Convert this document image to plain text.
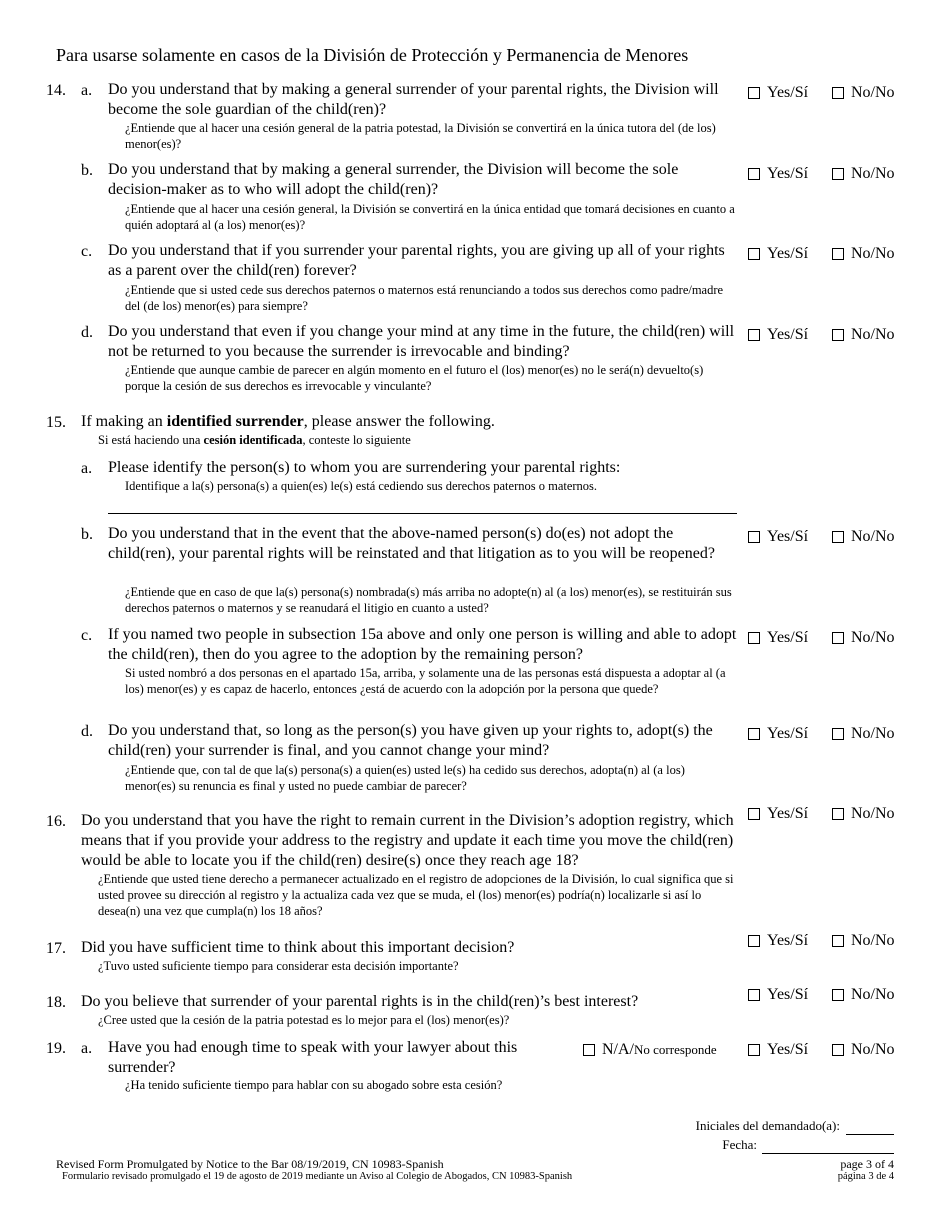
Para usarse solamente en casos de la División de Protección y Permanencia de Menores
14. a. Do you understand that by making a general surrender of your parental rights, the Division will become the sole guardian of the child(ren)?
¿Entiende que al hacer una cesión general de la patria potestad, la División se convertirá en la única tutora del (de los) menor(es)?
Yes/Sí	No/No
b. Do you understand that by making a general surrender, the Division will become the sole decision-maker as to who will adopt the child(ren)?
¿Entiende que al hacer una cesión general, la División se convertirá en la única entidad que tomará decisiones en cuanto a quién adoptará al (a los) menor(es)?
Yes/Sí	No/No
c. Do you understand that if you surrender your parental rights, you are giving up all of your rights as a parent over the child(ren) forever?
¿Entiende que si usted cede sus derechos paternos o maternos está renunciando a todos sus derechos como padre/madre del (de los) menor(es) para siempre?
Yes/Sí	No/No
d. Do you understand that even if you change your mind at any time in the future, the child(ren) will not be returned to you because the surrender is irrevocable and binding?
¿Entiende que aunque cambie de parecer en algún momento en el futuro el (los) menor(es) no le será(n) devuelto(s) porque la cesión de sus derechos es irrevocable y vinculante?
Yes/Sí	No/No
15. If making an identified surrender, please answer the following.
Si está haciendo una cesión identificada, conteste lo siguiente
a. Please identify the person(s) to whom you are surrendering your parental rights:
Identifique a la(s) persona(s) a quien(es) le(s) está cediendo sus derechos paternos o maternos.
b. Do you understand that in the event that the above-named person(s) do(es) not adopt the child(ren), your parental rights will be reinstated and that litigation as to you will be reopened?
¿Entiende que en caso de que la(s) persona(s) nombrada(s) más arriba no adopte(n) al (a los) menor(es), se restituirán sus derechos paternos o maternos y se reanudará el litigio en cuanto a usted?
Yes/Sí	No/No
c. If you named two people in subsection 15a above and only one person is willing and able to adopt the child(ren), then do you agree to the adoption by the remaining person?
Si usted nombró a dos personas en el apartado 15a, arriba, y solamente una de las personas está dispuesta a adoptar al (a los) menor(es) y es capaz de hacerlo, entonces ¿está de acuerdo con la adopción por la persona que quede?
Yes/Sí	No/No
d. Do you understand that, so long as the person(s) you have given up your rights to, adopt(s) the child(ren) your surrender is final, and you cannot change your mind?
¿Entiende que, con tal de que la(s) persona(s) a quien(es) usted le(s) ha cedido sus derechos, adopta(n) al (a los) menor(es) su renuncia es final y usted no puede cambiar de parecer?
Yes/Sí	No/No
16. Do you understand that you have the right to remain current in the Division’s adoption registry, which means that if you provide your address to the registry and update it each time you move the child(ren) would be able to locate you if the child(ren) desire(s) once they reach age 18?
¿Entiende que usted tiene derecho a permanecer actualizado en el registro de adopciones de la División, lo cual significa que si usted provee su dirección al registro y la actualiza cada vez que se muda, el (los) menor(es) podría(n) localizarle si así lo desea(n) una vez que cumpla(n) los 18 años?
Yes/Sí	No/No
17. Did you have sufficient time to think about this important decision?
¿Tuvo usted suficiente tiempo para considerar esta decisión importante?
Yes/Sí	No/No
18. Do you believe that surrender of your parental rights is in the child(ren)’s best interest?
¿Cree usted que la cesión de la patria potestad es lo mejor para el (los) menor(es)?
Yes/Sí	No/No
19. a. Have you had enough time to speak with your lawyer about this surrender?
¿Ha tenido suficiente tiempo para hablar con su abogado sobre esta cesión?
N/A/ No corresponde	Yes/Sí	No/No
Iniciales del demandado(a):
Fecha:
Revised Form Promulgated by Notice to the Bar 08/19/2019, CN 10983-Spanish
Formulario revisado promulgado el 19 de agosto de 2019 mediante un Aviso al Colegio de Abogados, CN 10983-Spanish
page 3 of 4
página 3 de 4
